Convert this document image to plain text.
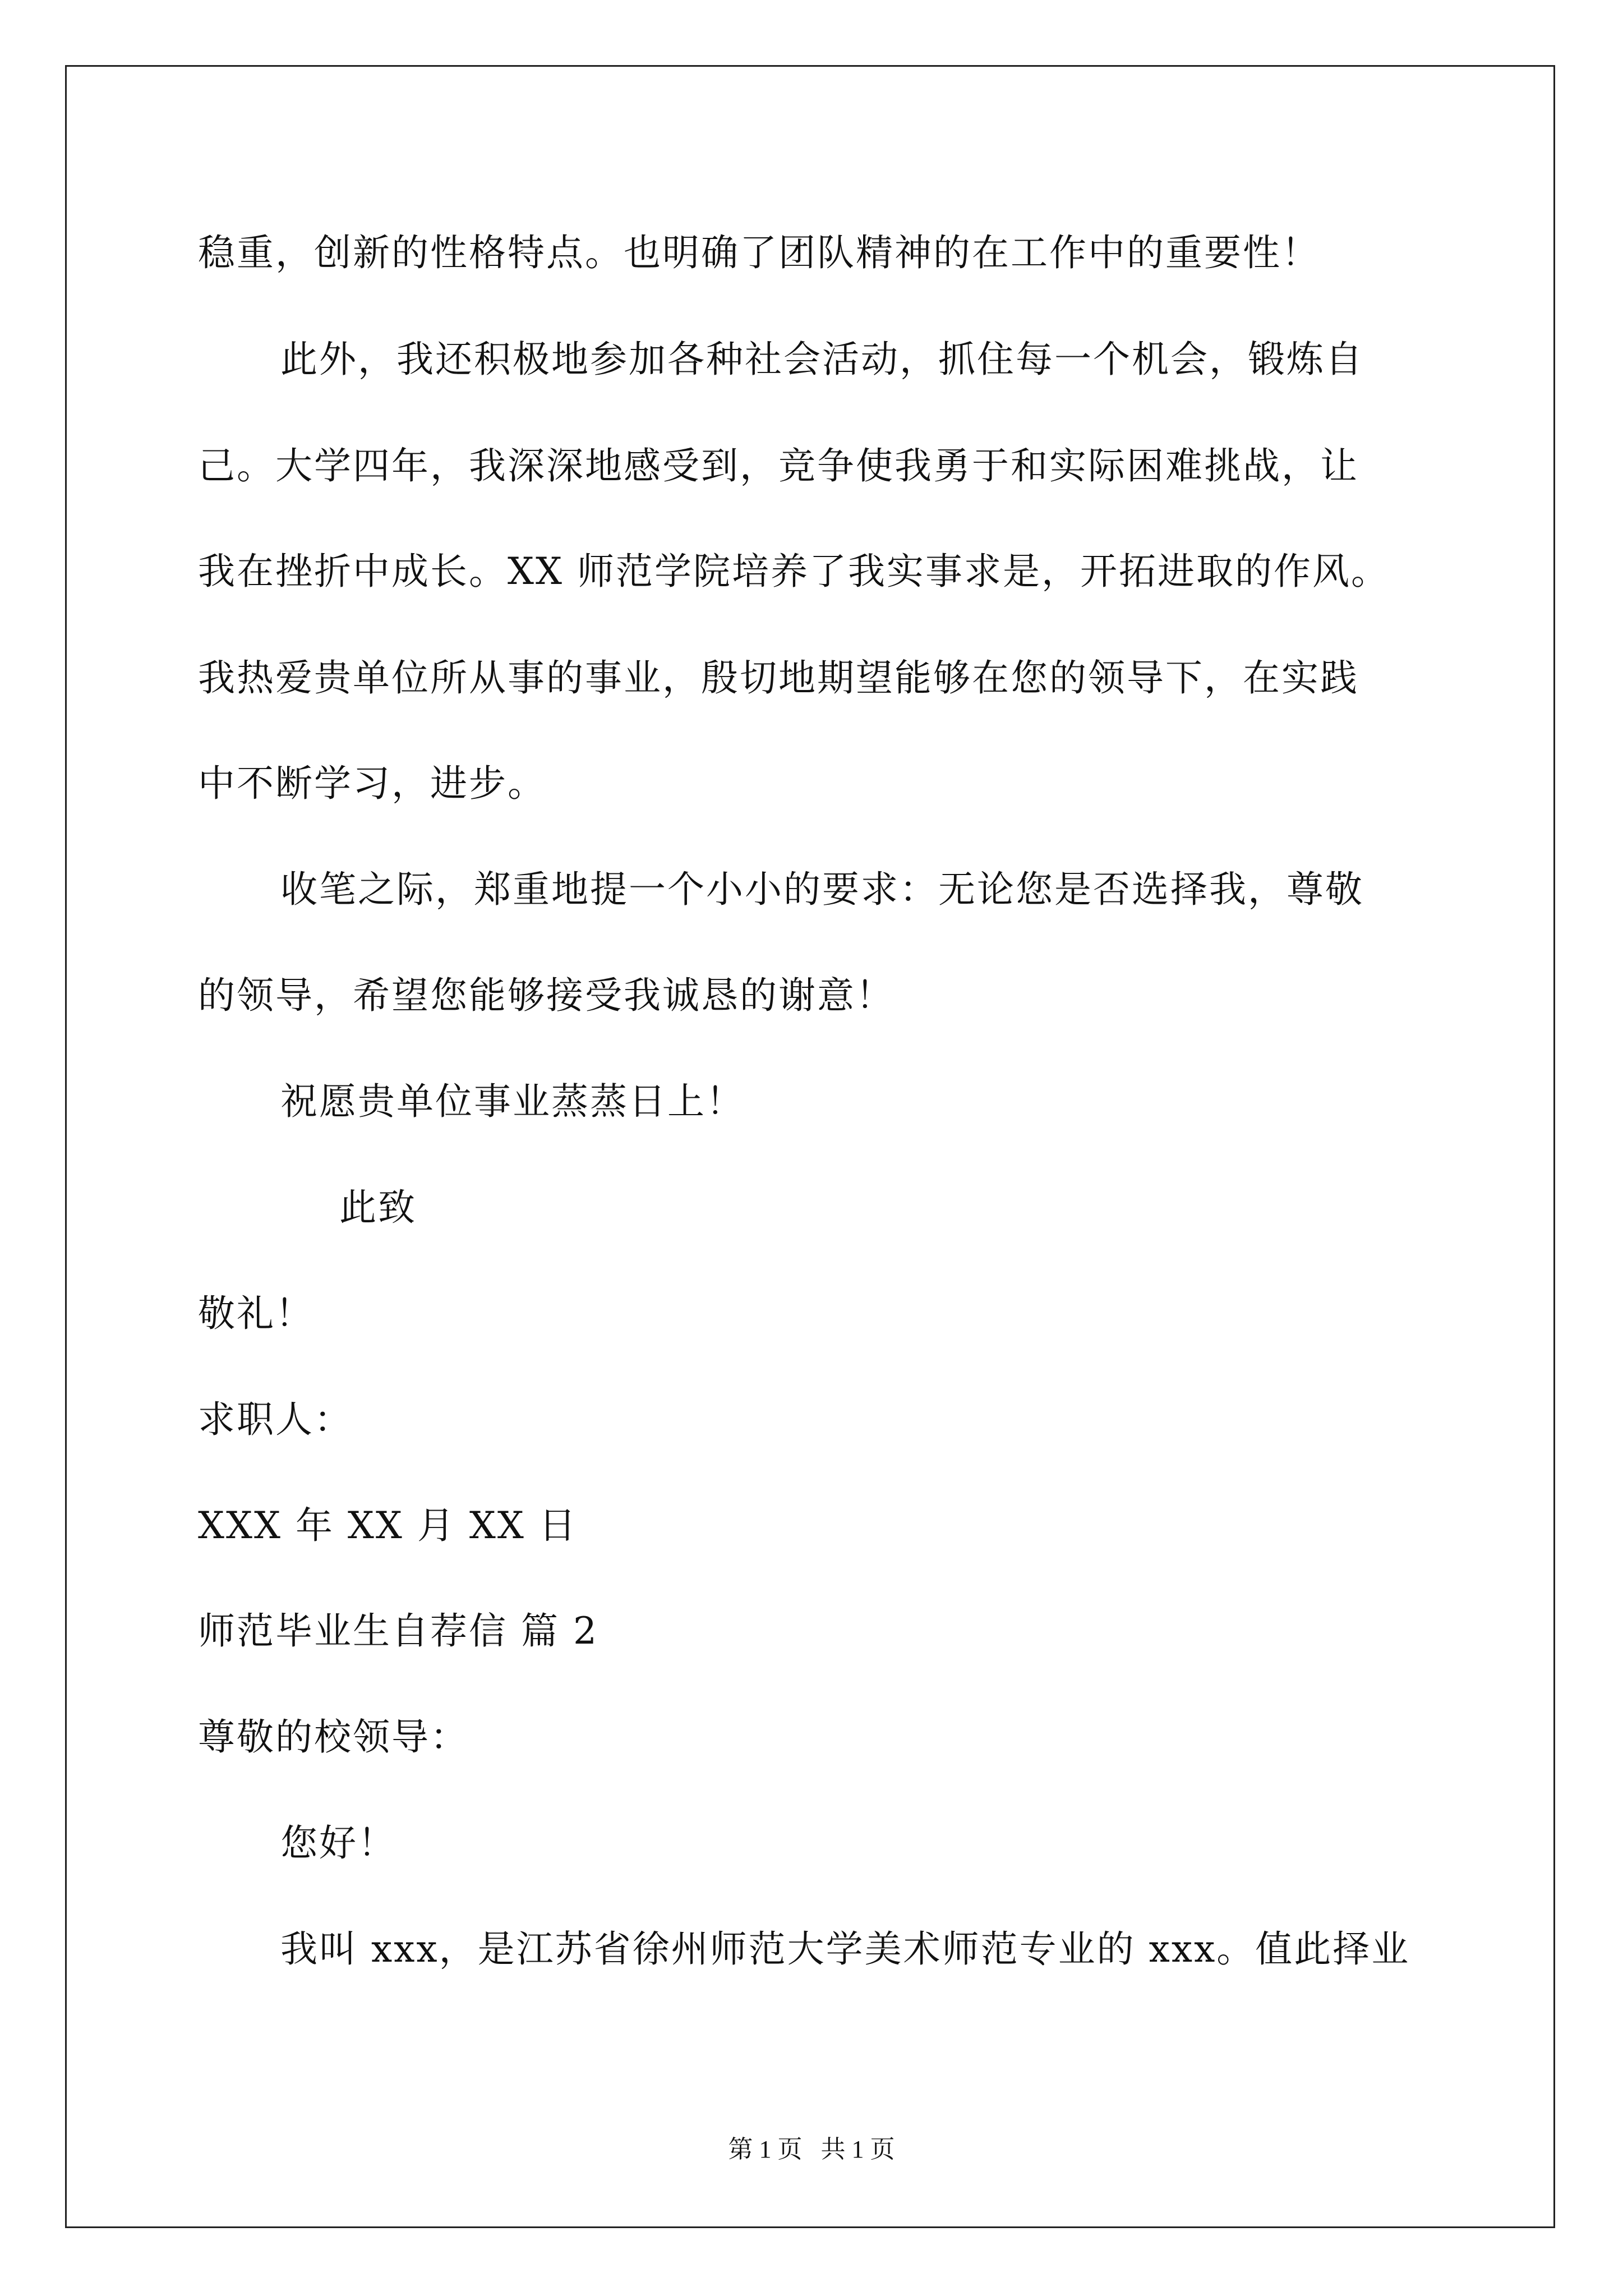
稳重，创新的性格特点。也明确了团队精神的在工作中的重要性！
此外，我还积极地参加各种社会活动，抓住每一个机会，锻炼自
己。大学四年，我深深地感受到，竞争使我勇于和实际困难挑战，让
我在挫折中成长。XX 师范学院培养了我实事求是，开拓进取的作风。
我热爱贵单位所从事的事业，殷切地期望能够在您的领导下，在实践
中不断学习，进步。
收笔之际，郑重地提一个小小的要求：无论您是否选择我，尊敬
的领导，希望您能够接受我诚恳的谢意！
祝愿贵单位事业蒸蒸日上！
此致
敬礼！
求职人：
XXX 年 XX 月 XX 日
师范毕业生自荐信 篇 2
尊敬的校领导：
您好！
我叫 xxx，是江苏省徐州师范大学美术师范专业的 xxx。值此择业
第 1 页   共 1 页
